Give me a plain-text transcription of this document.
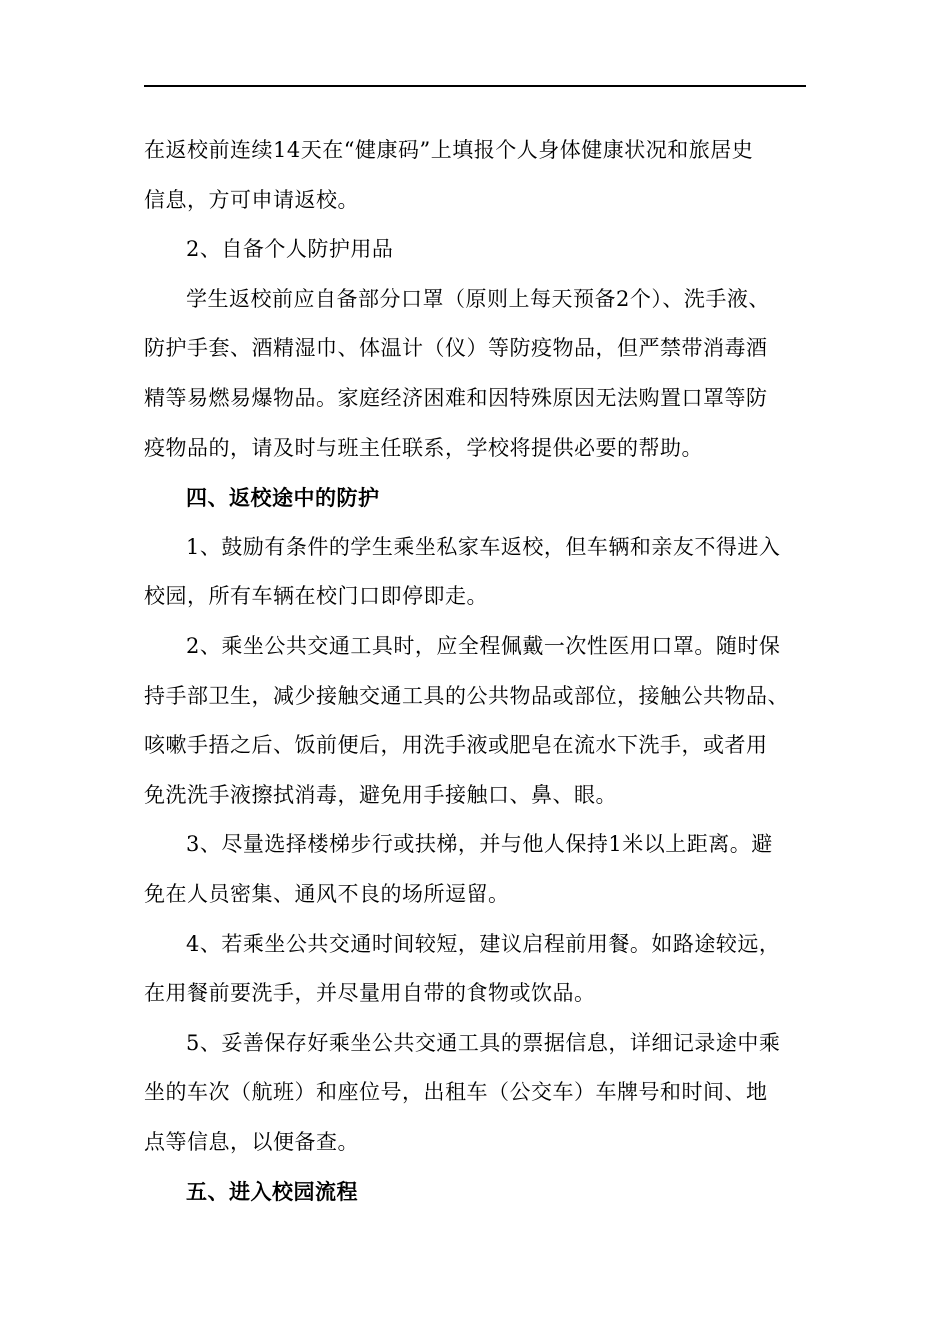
在返校前连续14天在“健康码”上填报个人身体健康状况和旅居史
信息，方可申请返校。

2、自备个人防护用品

学生返校前应自备部分口罩（原则上每天预备2个）、洗手液、
防护手套、酒精湿巾、体温计（仪）等防疫物品，但严禁带消毒酒
精等易燃易爆物品。家庭经济困难和因特殊原因无法购置口罩等防
疫物品的，请及时与班主任联系，学校将提供必要的帮助。

四、返校途中的防护

1、鼓励有条件的学生乘坐私家车返校，但车辆和亲友不得进入
校园，所有车辆在校门口即停即走。

2、乘坐公共交通工具时，应全程佩戴一次性医用口罩。随时保
持手部卫生，减少接触交通工具的公共物品或部位，接触公共物品、
咳嗽手捂之后、饭前便后，用洗手液或肥皂在流水下洗手，或者用
免洗洗手液擦拭消毒，避免用手接触口、鼻、眼。

3、尽量选择楼梯步行或扶梯，并与他人保持1米以上距离。避
免在人员密集、通风不良的场所逗留。

4、若乘坐公共交通时间较短，建议启程前用餐。如路途较远，
在用餐前要洗手，并尽量用自带的食物或饮品。

5、妥善保存好乘坐公共交通工具的票据信息，详细记录途中乘
坐的车次（航班）和座位号，出租车（公交车）车牌号和时间、地
点等信息，以便备查。

五、进入校园流程
